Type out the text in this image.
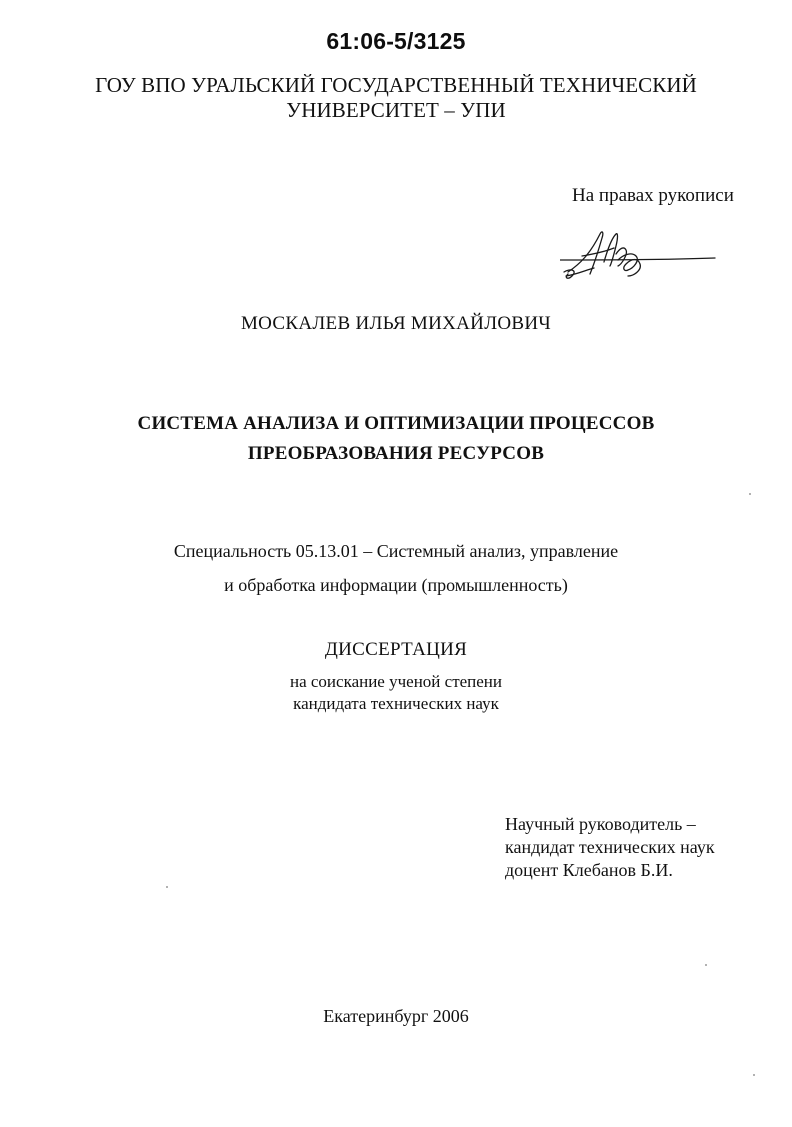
61:06-5/3125
ГОУ ВПО УРАЛЬСКИЙ ГОСУДАРСТВЕННЫЙ ТЕХНИЧЕСКИЙ
УНИВЕРСИТЕТ – УПИ
На правах рукописи
МОСКАЛЕВ ИЛЬЯ МИХАЙЛОВИЧ
СИСТЕМА АНАЛИЗА И ОПТИМИЗАЦИИ ПРОЦЕССОВ
ПРЕОБРАЗОВАНИЯ РЕСУРСОВ
Специальность 05.13.01 – Системный анализ, управление
и обработка информации (промышленность)
ДИССЕРТАЦИЯ
на соискание ученой степени
кандидата технических наук
Научный руководитель –
кандидат технических наук
доцент Клебанов Б.И.
Екатеринбург 2006
